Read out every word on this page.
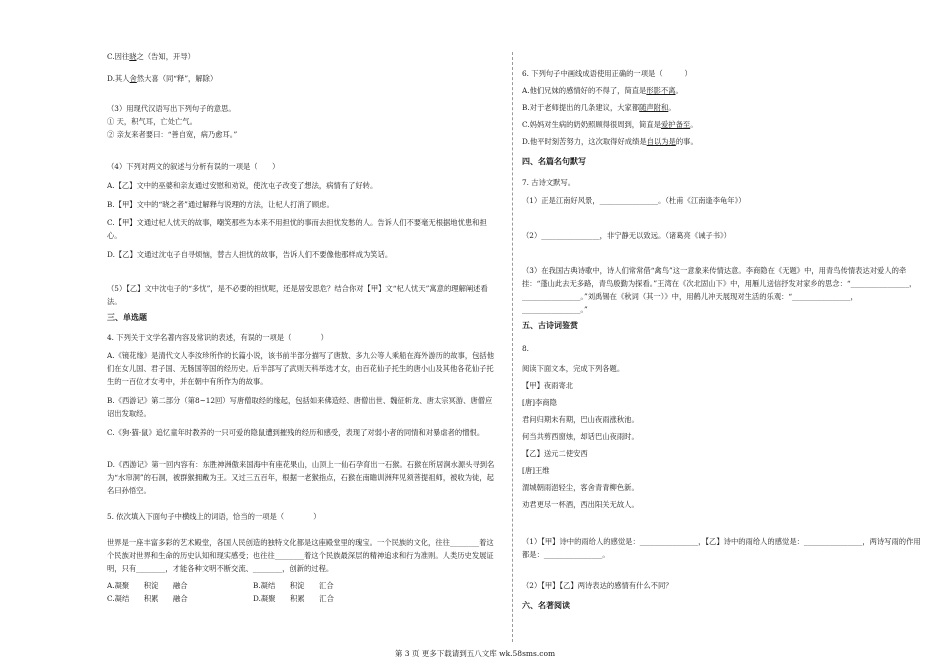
C.因往晓之（告知，开导）
D.其人舍然大喜（同“释”，解除）
（3）用现代汉语写出下列句子的意思。
① 天，积气耳，亡处亡气。
② 亲友来者要曰：“善自宽，病乃愈耳。”
（4）下列对两文的叙述与分析有误的一项是（　　）
A.【乙】文中的巫婆和亲友通过安慰和劝说，使沈屯子改变了想法，病情有了好转。
B.【甲】文中的“晓之者”通过解释与说理的方法，让杞人打消了顾虑。
C.【甲】文通过杞人忧天的故事，嘲笑那些为本来不用担忧的事而去担忧发愁的人。告诉人们不要毫无根据地忧患和担心。
D.【乙】文通过沈屯子自寻烦恼，替古人担忧的故事，告诉人们不要像他那样成为笑话。
（5）【乙】文中沈屯子的“多忧”，是不必要的担忧呢，还是居安思危？结合你对【甲】文“杞人忧天”寓意的理解阐述看法。
三、单选题
4. 下列关于文学名著内容及常识的表述，有误的一项是（　　　　）
A.《镜花缘》是清代文人李汝珍所作的长篇小说，该书前半部分描写了唐敖、多九公等人乘船在海外游历的故事，包括他们在女儿国、君子国、无肠国等国的经历史。后半部写了武则天科举选才女，由百花仙子托生的唐小山及其他各花仙子托生的一百位才女考中，并在朝中有所作为的故事。
B.《西游记》第二部分（第8~12回）写唐僧取经的缘起，包括如来佛造经、唐僧出世、魏征斩龙、唐太宗冥游、唐僧应诏出发取经。
C.《狗·猫·鼠》追忆童年时教养的一只可爱的隐鼠遭到摧残的经历和感受，表现了对弱小者的同情和对暴虐者的憎恨。
D.《西游记》第一回内容有：东胜神洲傲来国海中有座花果山，山顶上一仙石孕育出一石猴。石猴在所居涧水源头寻到名为“水帘洞”的石洞，被群猴拥戴为王。又过三五百年，根据一老猴指点，石猴在南瞻训洲拜见须菩提祖师，被收为徒，起名曰孙悟空。
5. 依次填入下面句子中横线上的词语，恰当的一项是（　　　　）
世界是一座丰富多彩的艺术殿堂，各国人民创造的独特文化都是这座殿堂里的瑰宝。一个民族的文化，往往________着这个民族对世界和生命的历史认知和现实感受；也往往________着这个民族最深层的精神追求和行为准则。人类历史发展证明，只有________，才能各种文明不断交流、________，创新的过程。
A.凝聚　　积淀　　融合	B.凝结　　积淀　　汇合
C.凝结　　积累　　融合	D.凝聚　　积累　　汇合
6. 下列句子中画线成语使用正确的一项是（　　　）
A.他们兄妹的感情好的不得了，简直是形影不离。
B.对于老师提出的几条建议，大家都随声附和。
C.妈妈对生病的奶奶照顾得很周到，简直是爱护备至。
D.他平时刻苦努力，这次取得好成绩是自以为是的事。
四、名篇名句默写
7. 古诗文默写。
（1）正是江南好风景，________________。（杜甫《江南逢李龟年》）
（2）________________，非宁静无以致远。（诸葛亮《诫子书》）
（3）在我国古典诗歌中，诗人们常常借“禽鸟”这一意象来传情达意。李商隐在《无题》中，用青鸟传情表达对爱人的牵挂：“蓬山此去无多路，青鸟殷勤为探看。”王湾在《次北固山下》中，用雁儿送信抒发对家乡的思念：“________________，________________。”刘禹锡在《秋词（其一）》中，用鹤儿冲天展现对生活的乐观：“________________，________________。”
五、古诗词鉴赏
8.
阅读下面文本，完成下列各题。
【甲】夜雨寄北
[唐]李商隐
君问归期未有期，巴山夜雨涨秋池。
何当共剪西窗烛，却话巴山夜雨时。
【乙】送元二使安西
[唐]王维
渭城朝雨浥轻尘，客舍青青柳色新。
劝君更尽一杯酒，西出阳关无故人。
（1）【甲】诗中的雨给人的感觉是：________________，【乙】诗中的雨给人的感觉是：________________，两诗写雨的作用都是：________________。
（2）【甲】【乙】两诗表达的感情有什么不同？
六、名著阅读
第 3 页 更多下载请到五八文库 wk.58sms.com
